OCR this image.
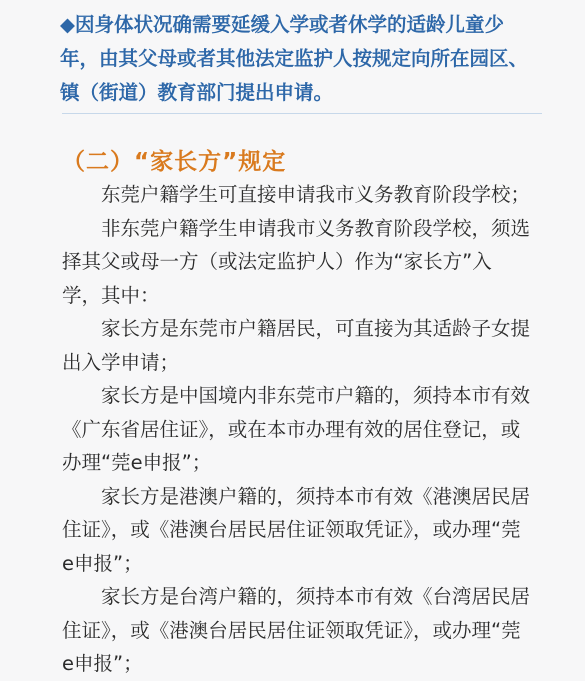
◆因身体状况确需要延缓入学或者休学的适龄儿童少年，由其父母或者其他法定监护人按规定向所在园区、镇（街道）教育部门提出申请。

（二）“家长方”规定

东莞户籍学生可直接申请我市义务教育阶段学校；

非东莞户籍学生申请我市义务教育阶段学校，须选择其父或母一方（或法定监护人）作为“家长方”入学，其中：

家长方是东莞市户籍居民，可直接为其适龄子女提出入学申请；

家长方是中国境内非东莞市户籍的，须持本市有效《广东省居住证》，或在本市办理有效的居住登记，或办理“莞e申报”；

家长方是港澳户籍的，须持本市有效《港澳居民居住证》，或《港澳台居民居住证领取凭证》，或办理“莞e申报”；

家长方是台湾户籍的，须持本市有效《台湾居民居住证》，或《港澳台居民居住证领取凭证》，或办理“莞e申报”；
